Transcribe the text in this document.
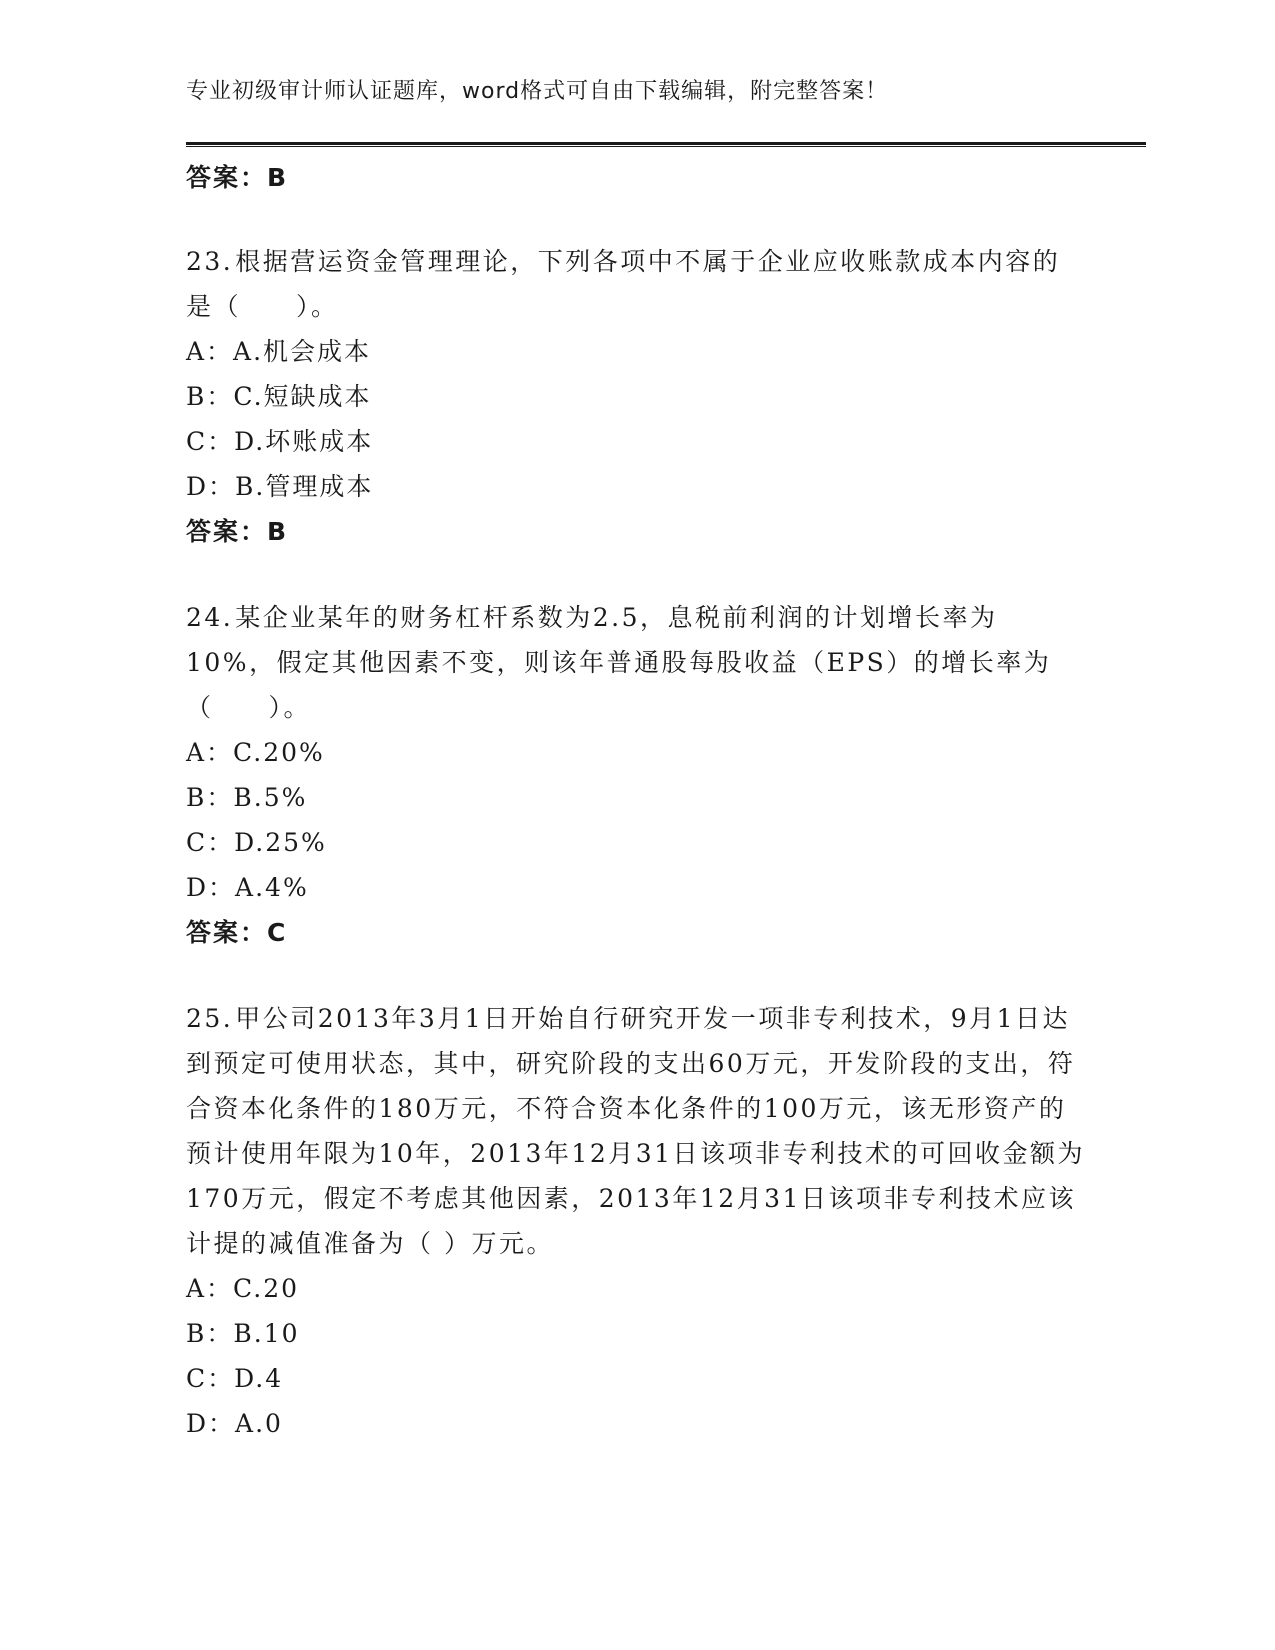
专业初级审计师认证题库，word格式可自由下载编辑，附完整答案！
答案：B
23.根据营运资金管理理论，下列各项中不属于企业应收账款成本内容的是（　　）。
A：A.机会成本
B：C.短缺成本
C：D.坏账成本
D：B.管理成本
答案：B
24.某企业某年的财务杠杆系数为2.5，息税前利润的计划增长率为10%，假定其他因素不变，则该年普通股每股收益（EPS）的增长率为（　　）。
A：C.20%
B：B.5%
C：D.25%
D：A.4%
答案：C
25.甲公司2013年3月1日开始自行研究开发一项非专利技术，9月1日达到预定可使用状态，其中，研究阶段的支出60万元，开发阶段的支出，符合资本化条件的180万元，不符合资本化条件的100万元，该无形资产的预计使用年限为10年，2013年12月31日该项非专利技术的可回收金额为170万元，假定不考虑其他因素，2013年12月31日该项非专利技术应该计提的减值准备为（ ）万元。
A：C.20
B：B.10
C：D.4
D：A.0
